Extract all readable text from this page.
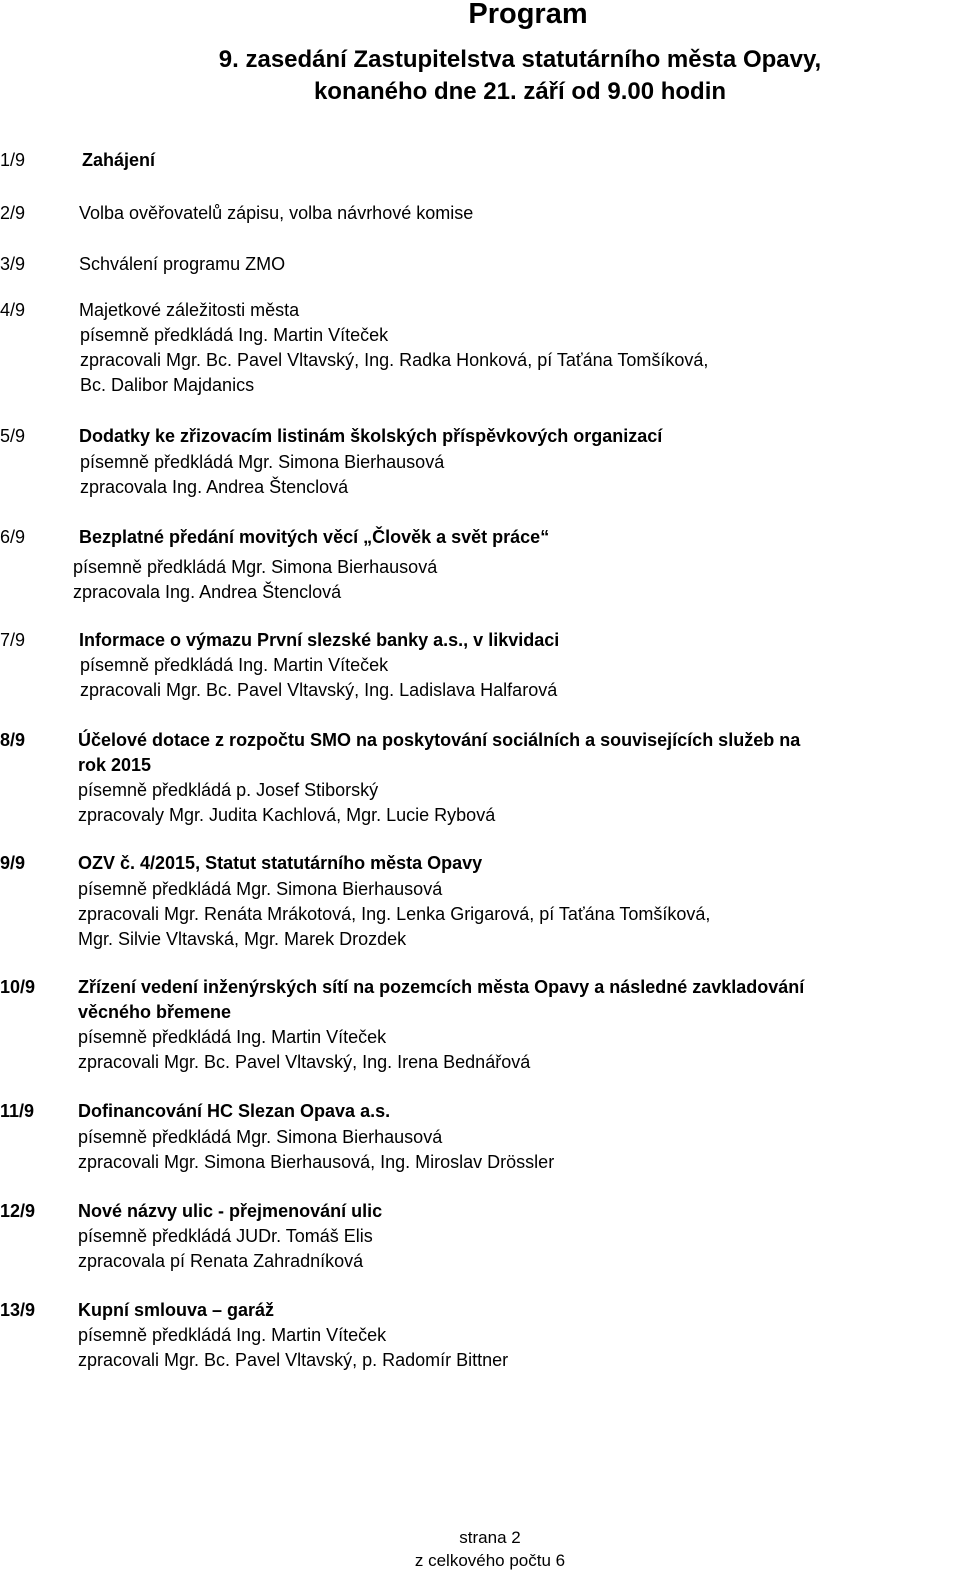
Program
9. zasedání Zastupitelstva statutárního města Opavy,
konaného dne 21. září od 9.00 hodin
1/9	Zahájení
2/9	Volba ověřovatelů zápisu, volba návrhové komise
3/9	Schválení programu ZMO
4/9	Majetkové záležitosti města
písemně předkládá Ing. Martin Víteček
zpracovali Mgr. Bc. Pavel Vltavský, Ing. Radka Honková, pí Taťána Tomšíková,
Bc. Dalibor Majdanics
5/9	Dodatky ke zřizovacím listinám školských příspěvkových organizací
písemně předkládá Mgr. Simona Bierhausová
zpracovala Ing. Andrea Štenclová
6/9	Bezplatné předání movitých věcí „Člověk a svět práce“
písemně předkládá Mgr. Simona Bierhausová
zpracovala Ing. Andrea Štenclová
7/9	Informace o výmazu První slezské banky a.s., v likvidaci
písemně předkládá Ing. Martin Víteček
zpracovali Mgr. Bc. Pavel Vltavský, Ing. Ladislava Halfarová
8/9	Účelové dotace z rozpočtu SMO na poskytování sociálních a souvisejících služeb na
rok 2015
písemně předkládá p. Josef Stiborský
zpracovaly Mgr. Judita Kachlová, Mgr. Lucie Rybová
9/9	OZV č. 4/2015, Statut statutárního města Opavy
písemně předkládá Mgr. Simona Bierhausová
zpracovali Mgr. Renáta Mrákotová, Ing. Lenka Grigarová, pí Taťána Tomšíková,
Mgr. Silvie Vltavská, Mgr. Marek Drozdek
10/9 Zřízení vedení inženýrských sítí na pozemcích města Opavy a následné zavkladování
věcného břemene
písemně předkládá Ing. Martin Víteček
zpracovali Mgr. Bc. Pavel Vltavský, Ing. Irena Bednářová
11/9 Dofinancování HC Slezan Opava a.s.
písemně předkládá Mgr. Simona Bierhausová
zpracovali Mgr. Simona Bierhausová, Ing. Miroslav Drössler
12/9 Nové názvy ulic - přejmenování ulic
písemně předkládá JUDr. Tomáš Elis
zpracovala pí Renata Zahradníková
13/9 Kupní smlouva – garáž
písemně předkládá Ing. Martin Víteček
zpracovali Mgr. Bc. Pavel Vltavský, p. Radomír Bittner
strana 2
z celkového počtu 6
